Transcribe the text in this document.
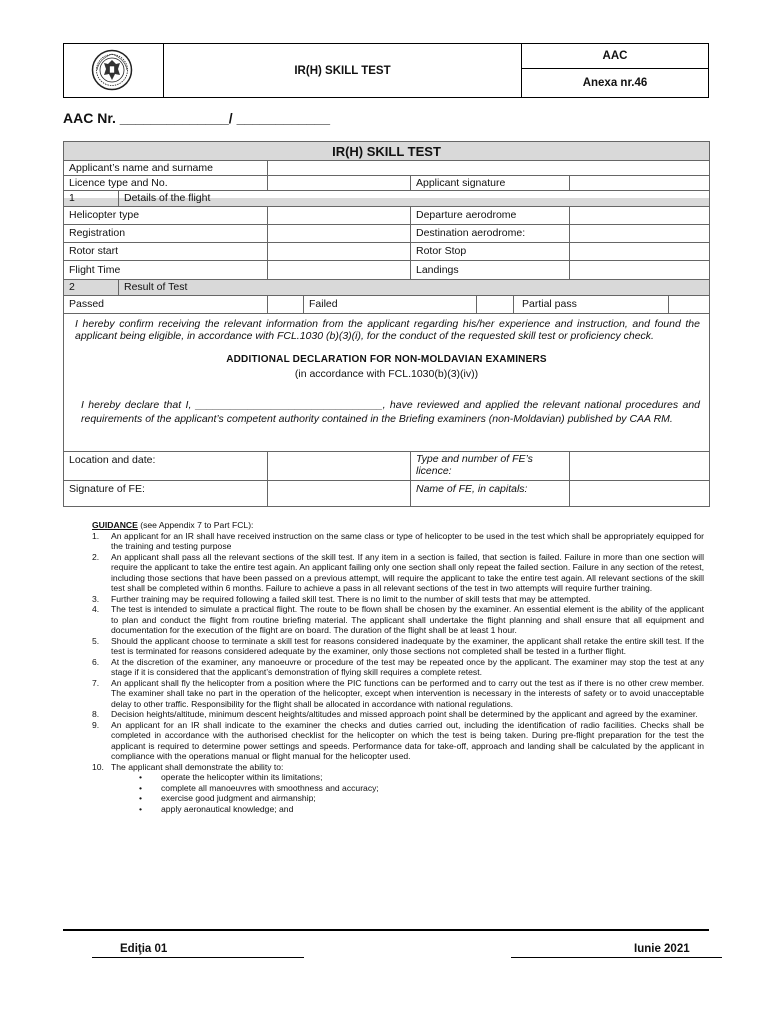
IR(H) SKILL TEST
AAC
Anexa nr.46
AAC Nr. ______________/ ____________
IR(H) SKILL TEST
Applicant’s name and surname
Licence type and No.	Applicant signature
1	Details of the flight
Helicopter type	Departure aerodrome
Registration	Destination aerodrome:
Rotor start	Rotor Stop
Flight Time	Landings
2	Result of Test
Passed	Failed	Partial pass
I hereby confirm receiving the relevant information from the applicant regarding his/her experience and instruction, and found the applicant being eligible, in accordance with FCL.1030 (b)(3)(i), for the conduct of the requested skill test or proficiency check.
ADDITIONAL DECLARATION FOR NON-MOLDAVIAN EXAMINERS
(in accordance with FCL.1030(b)(3)(iv))
I hereby declare that I, ________________________________, have reviewed and applied the relevant national procedures and requirements of the applicant’s competent authority contained in the Briefing examiners (non-Moldavian) published by CAA RM.
Location and date:	Type and number of FE’s licence:
Signature of FE:	Name of FE, in capitals:
GUIDANCE (see Appendix 7 to Part FCL):
1. An applicant for an IR shall have received instruction on the same class or type of helicopter to be used in the test which shall be appropriately equipped for the training and testing purpose
2. An applicant shall pass all the relevant sections of the skill test. If any item in a section is failed, that section is failed. Failure in more than one section will require the applicant to take the entire test again. An applicant failing only one section shall only repeat the failed section. Failure in any section of the retest, including those sections that have been passed on a previous attempt, will require the applicant to take the entire test again. All relevant sections of the skill test shall be completed within 6 months. Failure to achieve a pass in all relevant sections of the test in two attempts will require further training.
3. Further training may be required following a failed skill test. There is no limit to the number of skill tests that may be attempted.
4. The test is intended to simulate a practical flight. The route to be flown shall be chosen by the examiner. An essential element is the ability of the applicant to plan and conduct the flight from routine briefing material. The applicant shall undertake the flight planning and shall ensure that all equipment and documentation for the execution of the flight are on board. The duration of the flight shall be at least 1 hour.
5. Should the applicant choose to terminate a skill test for reasons considered inadequate by the examiner, the applicant shall retake the entire skill test. If the test is terminated for reasons considered adequate by the examiner, only those sections not completed shall be tested in a further flight.
6. At the discretion of the examiner, any manoeuvre or procedure of the test may be repeated once by the applicant. The examiner may stop the test at any stage if it is considered that the applicant’s demonstration of flying skill requires a complete retest.
7. An applicant shall fly the helicopter from a position where the PIC functions can be performed and to carry out the test as if there is no other crew member. The examiner shall take no part in the operation of the helicopter, except when intervention is necessary in the interests of safety or to avoid unacceptable delay to other traffic. Responsibility for the flight shall be allocated in accordance with national regulations.
8. Decision heights/altitude, minimum descent heights/altitudes and missed approach point shall be determined by the applicant and agreed by the examiner.
9. An applicant for an IR shall indicate to the examiner the checks and duties carried out, including the identification of radio facilities. Checks shall be completed in accordance with the authorised checklist for the helicopter on which the test is being taken. During pre-flight preparation for the test the applicant is required to determine power settings and speeds. Performance data for take-off, approach and landing shall be calculated by the applicant in compliance with the operations manual or flight manual for the helicopter used.
10. The applicant shall demonstrate the ability to:
• operate the helicopter within its limitations;
• complete all manoeuvres with smoothness and accuracy;
• exercise good judgment and airmanship;
• apply aeronautical knowledge; and
Ediţia 01	Iunie 2021
